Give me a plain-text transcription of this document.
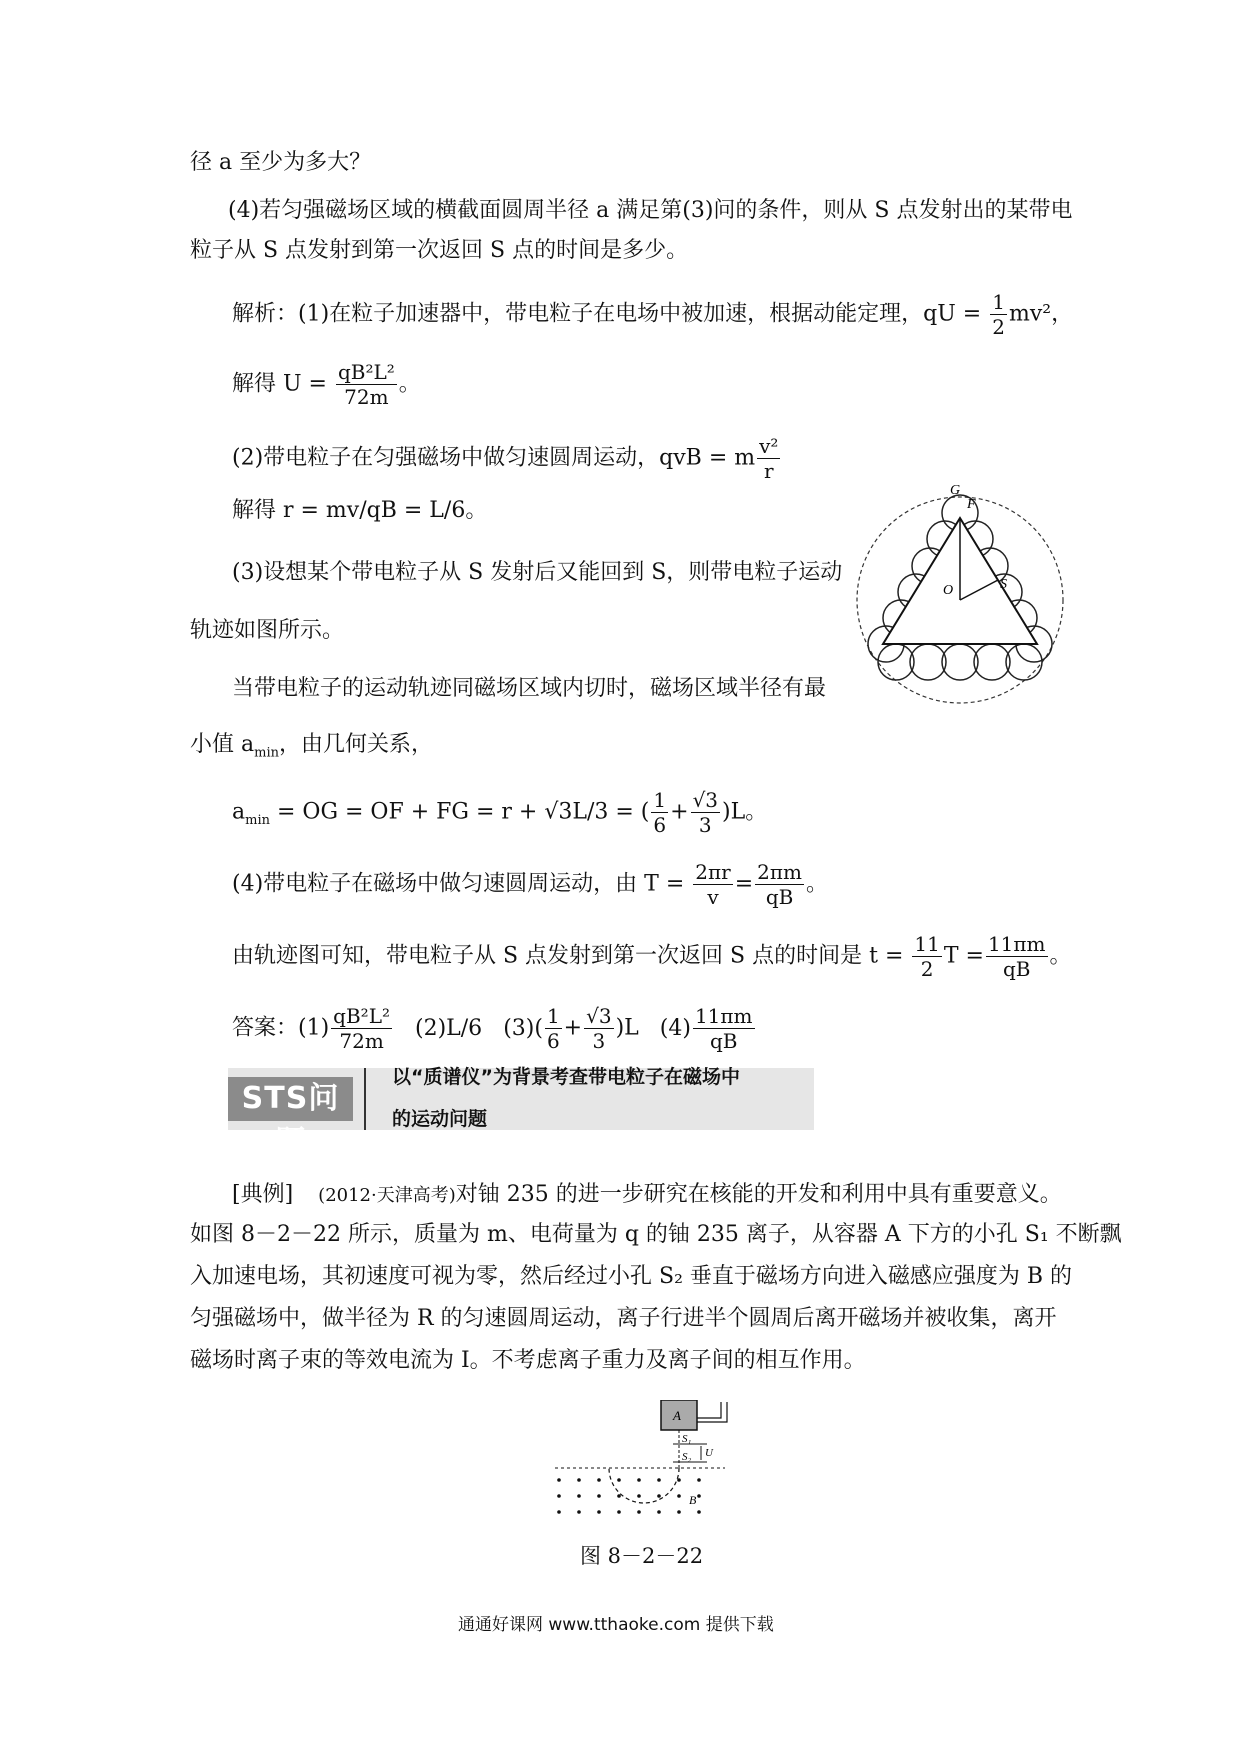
径 a 至少为多大？
(4)若匀强磁场区域的横截面圆周半径 a 满足第(3)问的条件，则从 S 点发射出的某带电
粒子从 S 点发射到第一次返回 S 点的时间是多少。
解析：(1)在粒子加速器中，带电粒子在电场中被加速，根据动能定理，qU = $\frac{1}{2} mv^2$，
解得 $U = \frac{\text{qB²L²}}{72m}$ 。
(2)带电粒子在匀强磁场中做匀速圆周运动，qvB = m $\frac{\text{v²}}{r}$
解得 r = mv/qB = L/6。
(3)设想某个带电粒子从 S 发射后又能回到 S，则带电粒子运动
轨迹如图所示。
当带电粒子的运动轨迹同磁场区域内切时，磁场区域半径有最
小值 $a_{min}$，由几何关系，
$a_{min}$ = OG = OF + FG = r + √3L/3 = ( $\frac{1}{6} + \frac{√3}{3} )L$。
(4)带电粒子在磁场中做匀速圆周运动，由 $T = \frac{2\pi r}{v} = \frac{2\pi m}{qB}$ 。
由轨迹图可知，带电粒子从 S 点发射到第一次返回 S 点的时间是 $t = \frac{11}{2}$ $T = \frac{11\pi m}{qB}$ 。
答案：$(1) \frac{\text{qB²L²}}{72m} (2)L/6$ $(3)( \frac{1}{6} + \frac{√3}{3} )L$ $(4) \frac{11\pi m}{qB}$
O	S
G
F
STS问题
以“质谱仪”为背景考查带电粒子在磁场中
的运动问题
[典例] (2012·天津高考)对铀 235 的进一步研究在核能的开发和利用中具有重要意义。
如图 8－2－22 所示，质量为 m、电荷量为 q 的铀 235 离子，从容器 A 下方的小孔 S₁ 不断飘
入加速电场，其初速度可视为零，然后经过小孔 S₂ 垂直于磁场方向进入磁感应强度为 B 的
匀强磁场中，做半径为 R 的匀速圆周运动，离子行进半个圆周后离开磁场并被收集，离开
磁场时离子束的等效电流为 I。不考虑离子重力及离子间的相互作用。
A
S₁
S₂ U
B
图 8－2－22
通通好课网 www.tthaoke.com 提供下载
